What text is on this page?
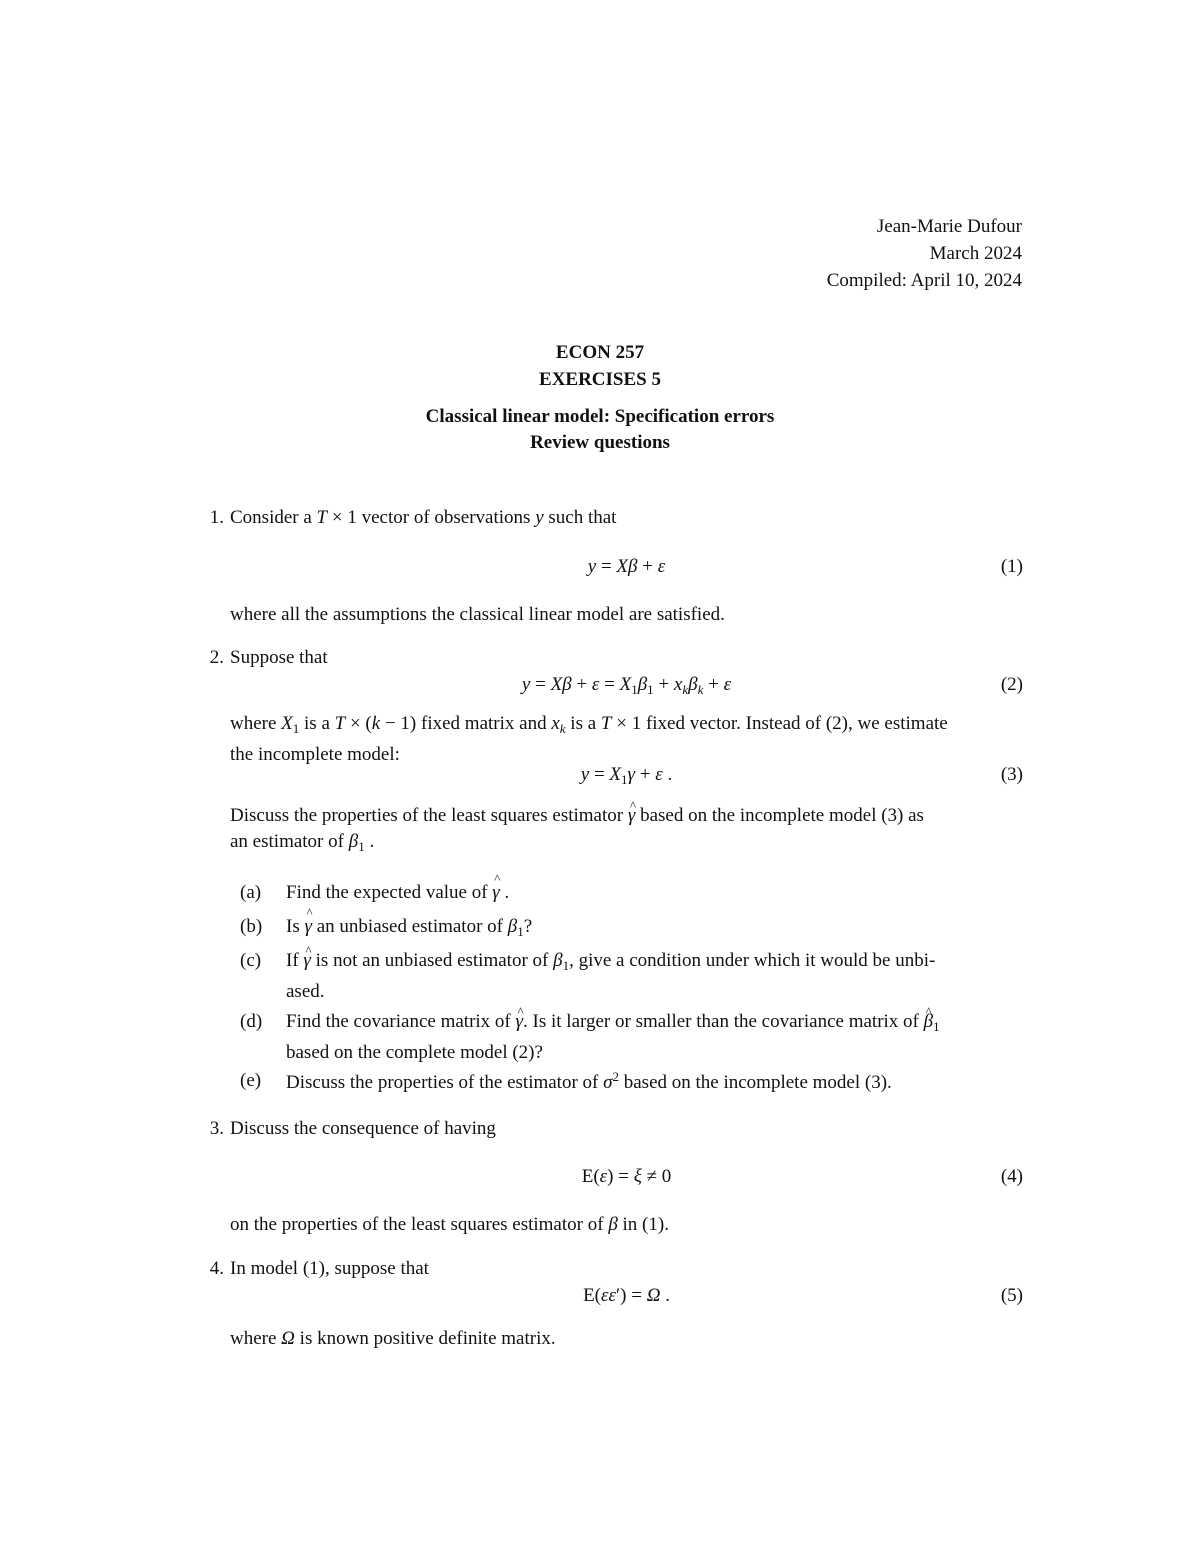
Jean-Marie Dufour
March 2024
Compiled: April 10, 2024
ECON 257
EXERCISES 5
Classical linear model: Specification errors
Review questions
1. Consider a T × 1 vector of observations y such that
y = Xβ + ε	(1)
where all the assumptions the classical linear model are satisfied.
2. Suppose that
$y = X\beta + \varepsilon = X_1\beta_1 + x_k\beta_k + \varepsilon$	(2)
where $X_1$ is a T × (k − 1) fixed matrix and $x_k$ is a T × 1 fixed vector. Instead of (2), we estimate
the incomplete model:
$y = X_1\gamma + \varepsilon$ .	(3)
Discuss the properties of the least squares estimator γ ^ based on the incomplete model (3) as
an estimator of $\beta_1$ .
(a)	Find the expected value of γ ^ .
(b)	Is γ ^ an unbiased estimator of $\beta_1$?
(c)	If γ ^ is not an unbiased estimator of $\beta_1$, give a condition under which it would be unbi-
ased.
(d)	Find the covariance matrix of γ ^. Is it larger or smaller than the covariance matrix of β $\^{}_1$
based on the complete model (2)?
(e)	Discuss the properties of the estimator of $\sigma^2$ based on the incomplete model (3).
3. Discuss the consequence of having
E(ε) = ξ ≠ 0	(4)
on the properties of the least squares estimator of β in (1).
4. In model (1), suppose that
E(εε′) = Ω .	(5)
where Ω is known positive definite matrix.
